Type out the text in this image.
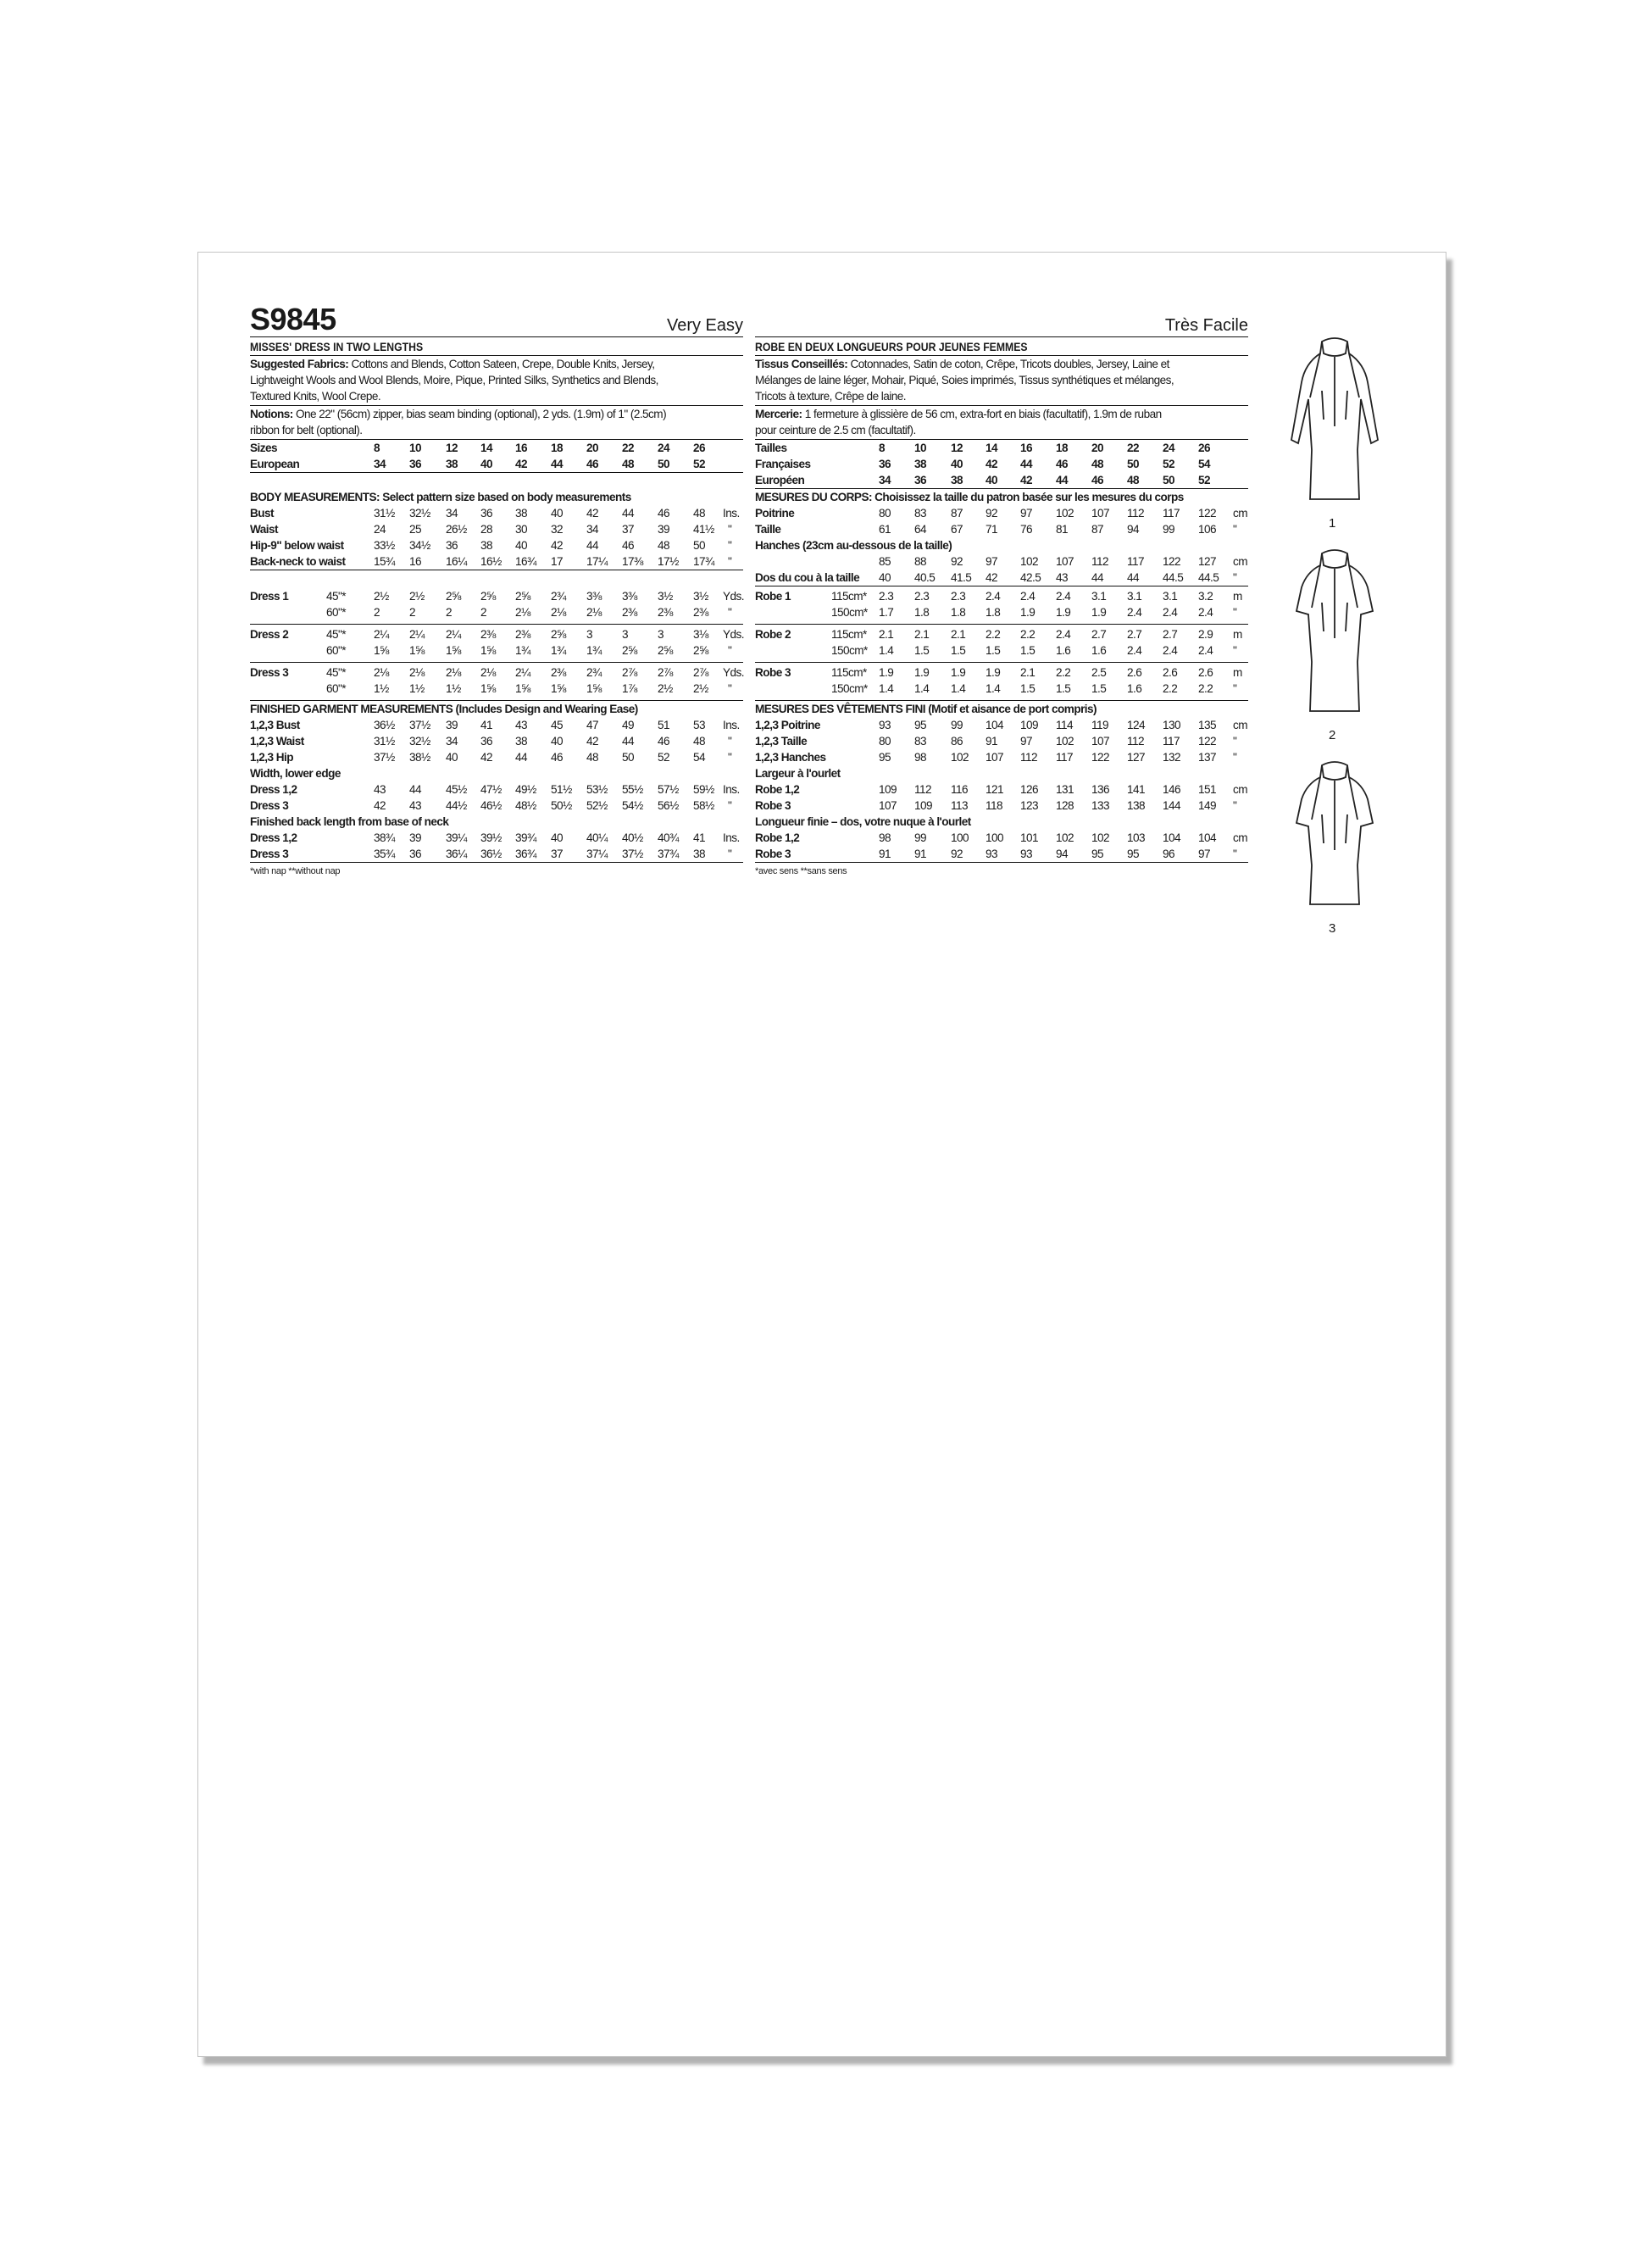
S9845	Very Easy
MISSES' DRESS IN TWO LENGTHS
Suggested Fabrics: Cottons and Blends, Cotton Sateen, Crepe, Double Knits, Jersey,
Lightweight Wools and Wool Blends, Moire, Pique, Printed Silks, Synthetics and Blends,
Textured Knits, Wool Crepe.
Notions: One 22" (56cm) zipper, bias seam binding (optional), 2 yds. (1.9m) of 1" (2.5cm)
ribbon for belt (optional).
Sizes	8	10 12 14 16 18 20 22 24 26
European	34 36 38 40 42 44 46 48 50 52
BODY MEASUREMENTS: Select pattern size based on body measurements
Bust	31½ 32½ 34 36 38 40 42 44 46 48 Ins.
Waist	24 25 26½ 28 30 32 34 37 39 41½ "
Hip-9" below waist	33½ 34½ 36 38 40 42 44 46 48 50 "
Back-neck to waist 15¾ 16 16¼ 16½ 16¾ 17 17¼ 17⅜ 17½ 17¾ "
Dress 1	45"* 2½ 2½ 2⅝ 2⅝ 2⅝ 2¾ 3⅜ 3⅜ 3½ 3½ Yds.
60"* 2	2	2 2 2⅛ 2⅛ 2⅛ 2⅜ 2⅜ 2⅜ "
Dress 2	45"* 2¼ 2¼ 2¼ 2⅜ 2⅜ 2⅝ 3	3	3	3⅛ Yds.
60"* 1⅝ 1⅝ 1⅝ 1⅝ 1¾ 1¾ 1¾ 2⅝ 2⅝ 2⅝ "
Dress 3	45"* 2⅛ 2⅛ 2⅛ 2⅛ 2¼ 2⅜ 2¾ 2⅞ 2⅞ 2⅞ Yds.
60"* 1½ 1½ 1½ 1⅝ 1⅝ 1⅝ 1⅝ 1⅞ 2½ 2½ "
FINISHED GARMENT MEASUREMENTS (Includes Design and Wearing Ease)
1,2,3 Bust	36½ 37½ 39 41 43 45 47 49 51 53 Ins.
1,2,3 Waist	31½ 32½ 34 36 38 40 42 44 46 48 "
1,2,3 Hip	37½ 38½ 40 42 44 46 48 50 52 54 "
Width, lower edge
Dress 1,2	43 44 45½ 47½ 49½ 51½ 53½ 55½ 57½ 59½ Ins.
Dress 3	42 43 44½ 46½ 48½ 50½ 52½ 54½ 56½ 58½ "
Finished back length from base of neck
Dress 1,2	38¾ 39 39¼ 39½ 39¾ 40 40¼ 40½ 40¾ 41 Ins.
Dress 3	35¾ 36 36¼ 36½ 36¾ 37 37¼ 37½ 37¾ 38 "
*with nap **without nap
Très Facile
ROBE EN DEUX LONGUEURS POUR JEUNES FEMMES
Tissus Conseillés: Cotonnades, Satin de coton, Crêpe, Tricots doubles, Jersey, Laine et
Mélanges de laine léger, Mohair, Piqué, Soies imprimés, Tissus synthétiques et mélanges,
Tricots à texture, Crêpe de laine.
Mercerie: 1 fermeture à glissière de 56 cm, extra-fort en biais (facultatif), 1.9m de ruban
pour ceinture de 2.5 cm (facultatif).
Tailles	8	10 12 14 16 18 20 22 24 26
Françaises	36 38 40 42 44 46 48 50 52 54
Européen	34 36 38 40 42 44 46 48 50 52
MESURES DU CORPS: Choisissez la taille du patron basée sur les mesures du corps
Poitrine	80 83 87 92 97 102 107 112 117 122 cm
Taille	61 64 67 71 76 81 87 94 99 106 "
Hanches (23cm au-dessous de la taille)
85 88 92 97 102 107 112 117 122 127 cm
Dos du cou à la taille 40 40.5 41.5 42 42.5 43 44 44 44.5 44.5 "
Robe 1	115cm* 2.3 2.3 2.3 2.4 2.4 2.4 3.1 3.1 3.1 3.2 m
150cm* 1.7 1.8 1.8 1.8 1.9 1.9 1.9 2.4 2.4 2.4 "
Robe 2	115cm* 2.1 2.1 2.1 2.2 2.2 2.4 2.7 2.7 2.7 2.9 m
150cm* 1.4 1.5 1.5 1.5 1.5 1.6 1.6 2.4 2.4 2.4 "
Robe 3	115cm* 1.9 1.9 1.9 1.9 2.1 2.2 2.5 2.6 2.6 2.6 m
150cm* 1.4 1.4 1.4 1.4 1.5 1.5 1.5 1.6 2.2 2.2 "
MESURES DES VÊTEMENTS FINI (Motif et aisance de port compris)
1,2,3 Poitrine	93 95 99 104 109 114 119 124 130 135 cm
1,2,3 Taille	80 83 86 91 97 102 107 112 117 122 "
1,2,3 Hanches	95 98 102 107 112 117 122 127 132 137 "
Largeur à l'ourlet
Robe 1,2	109 112 116 121 126 131 136 141 146 151 cm
Robe 3	107 109 113 118 123 128 133 138 144 149 "
Longueur finie – dos, votre nuque à l'ourlet
Robe 1,2	98 99 100 100 101 102 102 103 104 104 cm
Robe 3	91 91 92 93 93 94 95 95 96 97 "
*avec sens **sans sens
1
2
3
